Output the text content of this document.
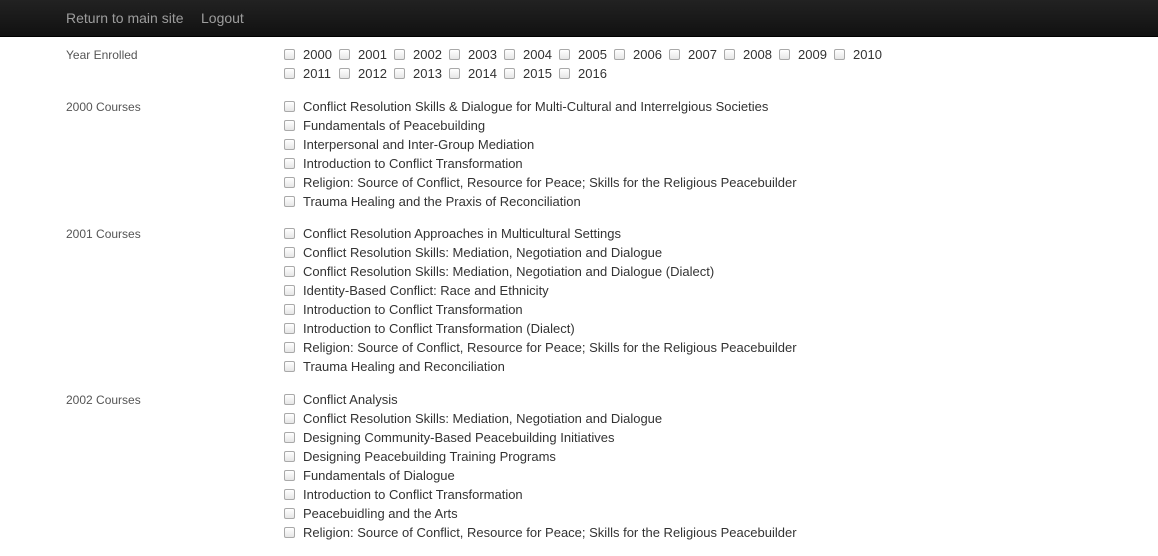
Return to main site Logout
Year Enrolled	2000 2001 2002 2003 2004 2005 2006 2007 2008 2009 2010
2011 2012 2013 2014 2015 2016
2000 Courses	Conflict Resolution Skills & Dialogue for Multi-Cultural and Interrelgious Societies
Fundamentals of Peacebuilding
Interpersonal and Inter-Group Mediation
Introduction to Conflict Transformation
Religion: Source of Conflict, Resource for Peace; Skills for the Religious Peacebuilder
Trauma Healing and the Praxis of Reconciliation
2001 Courses	Conflict Resolution Approaches in Multicultural Settings
Conflict Resolution Skills: Mediation, Negotiation and Dialogue
Conflict Resolution Skills: Mediation, Negotiation and Dialogue (Dialect)
Identity-Based Conflict: Race and Ethnicity
Introduction to Conflict Transformation
Introduction to Conflict Transformation (Dialect)
Religion: Source of Conflict, Resource for Peace; Skills for the Religious Peacebuilder
Trauma Healing and Reconciliation
2002 Courses	Conflict Analysis
Conflict Resolution Skills: Mediation, Negotiation and Dialogue
Designing Community-Based Peacebuilding Initiatives
Designing Peacebuilding Training Programs
Fundamentals of Dialogue
Introduction to Conflict Transformation
Peacebuidling and the Arts
Religion: Source of Conflict, Resource for Peace; Skills for the Religious Peacebuilder
